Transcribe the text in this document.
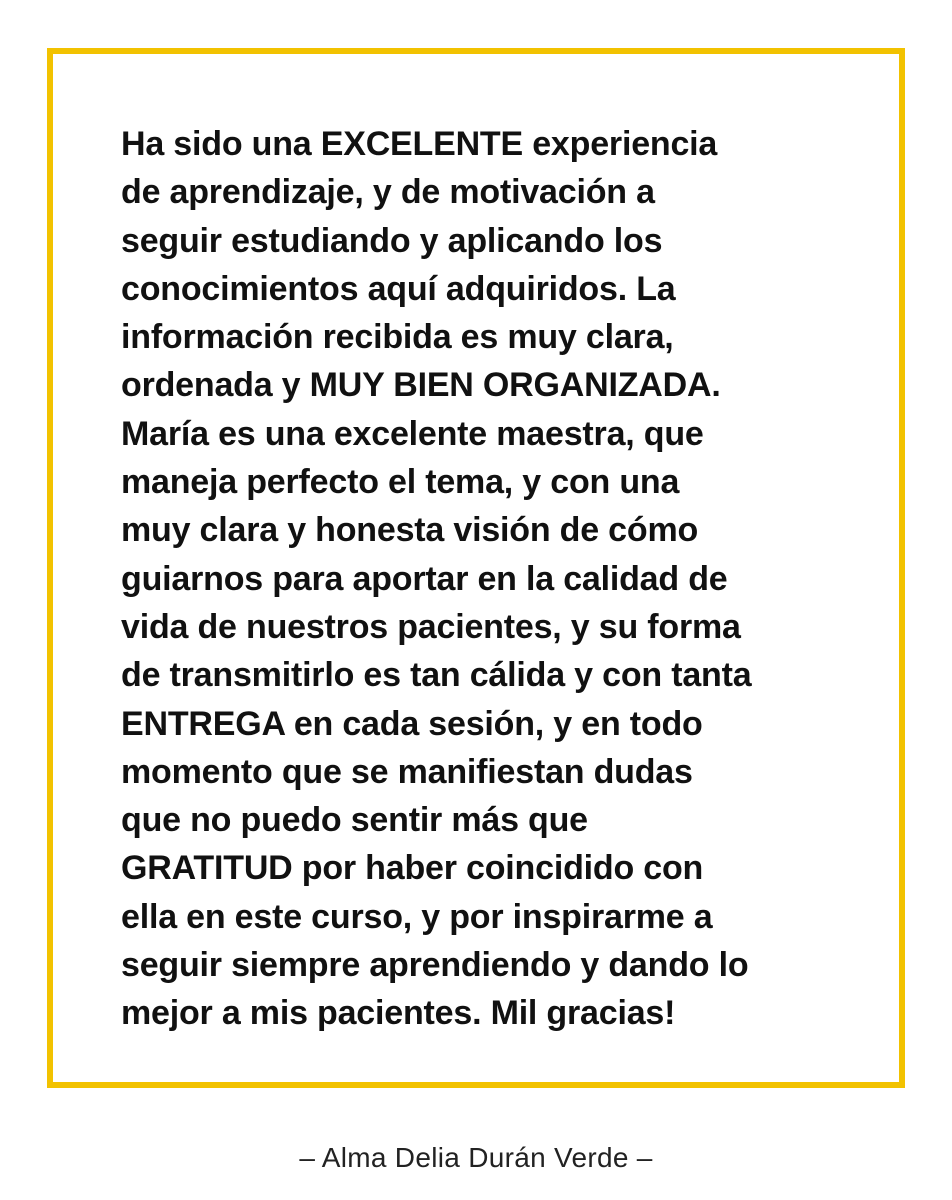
Ha sido una EXCELENTE experiencia
de aprendizaje, y de motivación a
seguir estudiando y aplicando los
conocimientos aquí adquiridos. La
información recibida es muy clara,
ordenada y MUY BIEN ORGANIZADA.
María es una excelente maestra, que
maneja perfecto el tema, y con una
muy clara y honesta visión de cómo
guiarnos para aportar en la calidad de
vida de nuestros pacientes, y su forma
de transmitirlo es tan cálida y con tanta
ENTREGA en cada sesión, y en todo
momento que se manifiestan dudas
que no puedo sentir más que
GRATITUD por haber coincidido con
ella en este curso, y por inspirarme a
seguir siempre aprendiendo y dando lo
mejor a mis pacientes. Mil gracias!

– Alma Delia Durán Verde –
